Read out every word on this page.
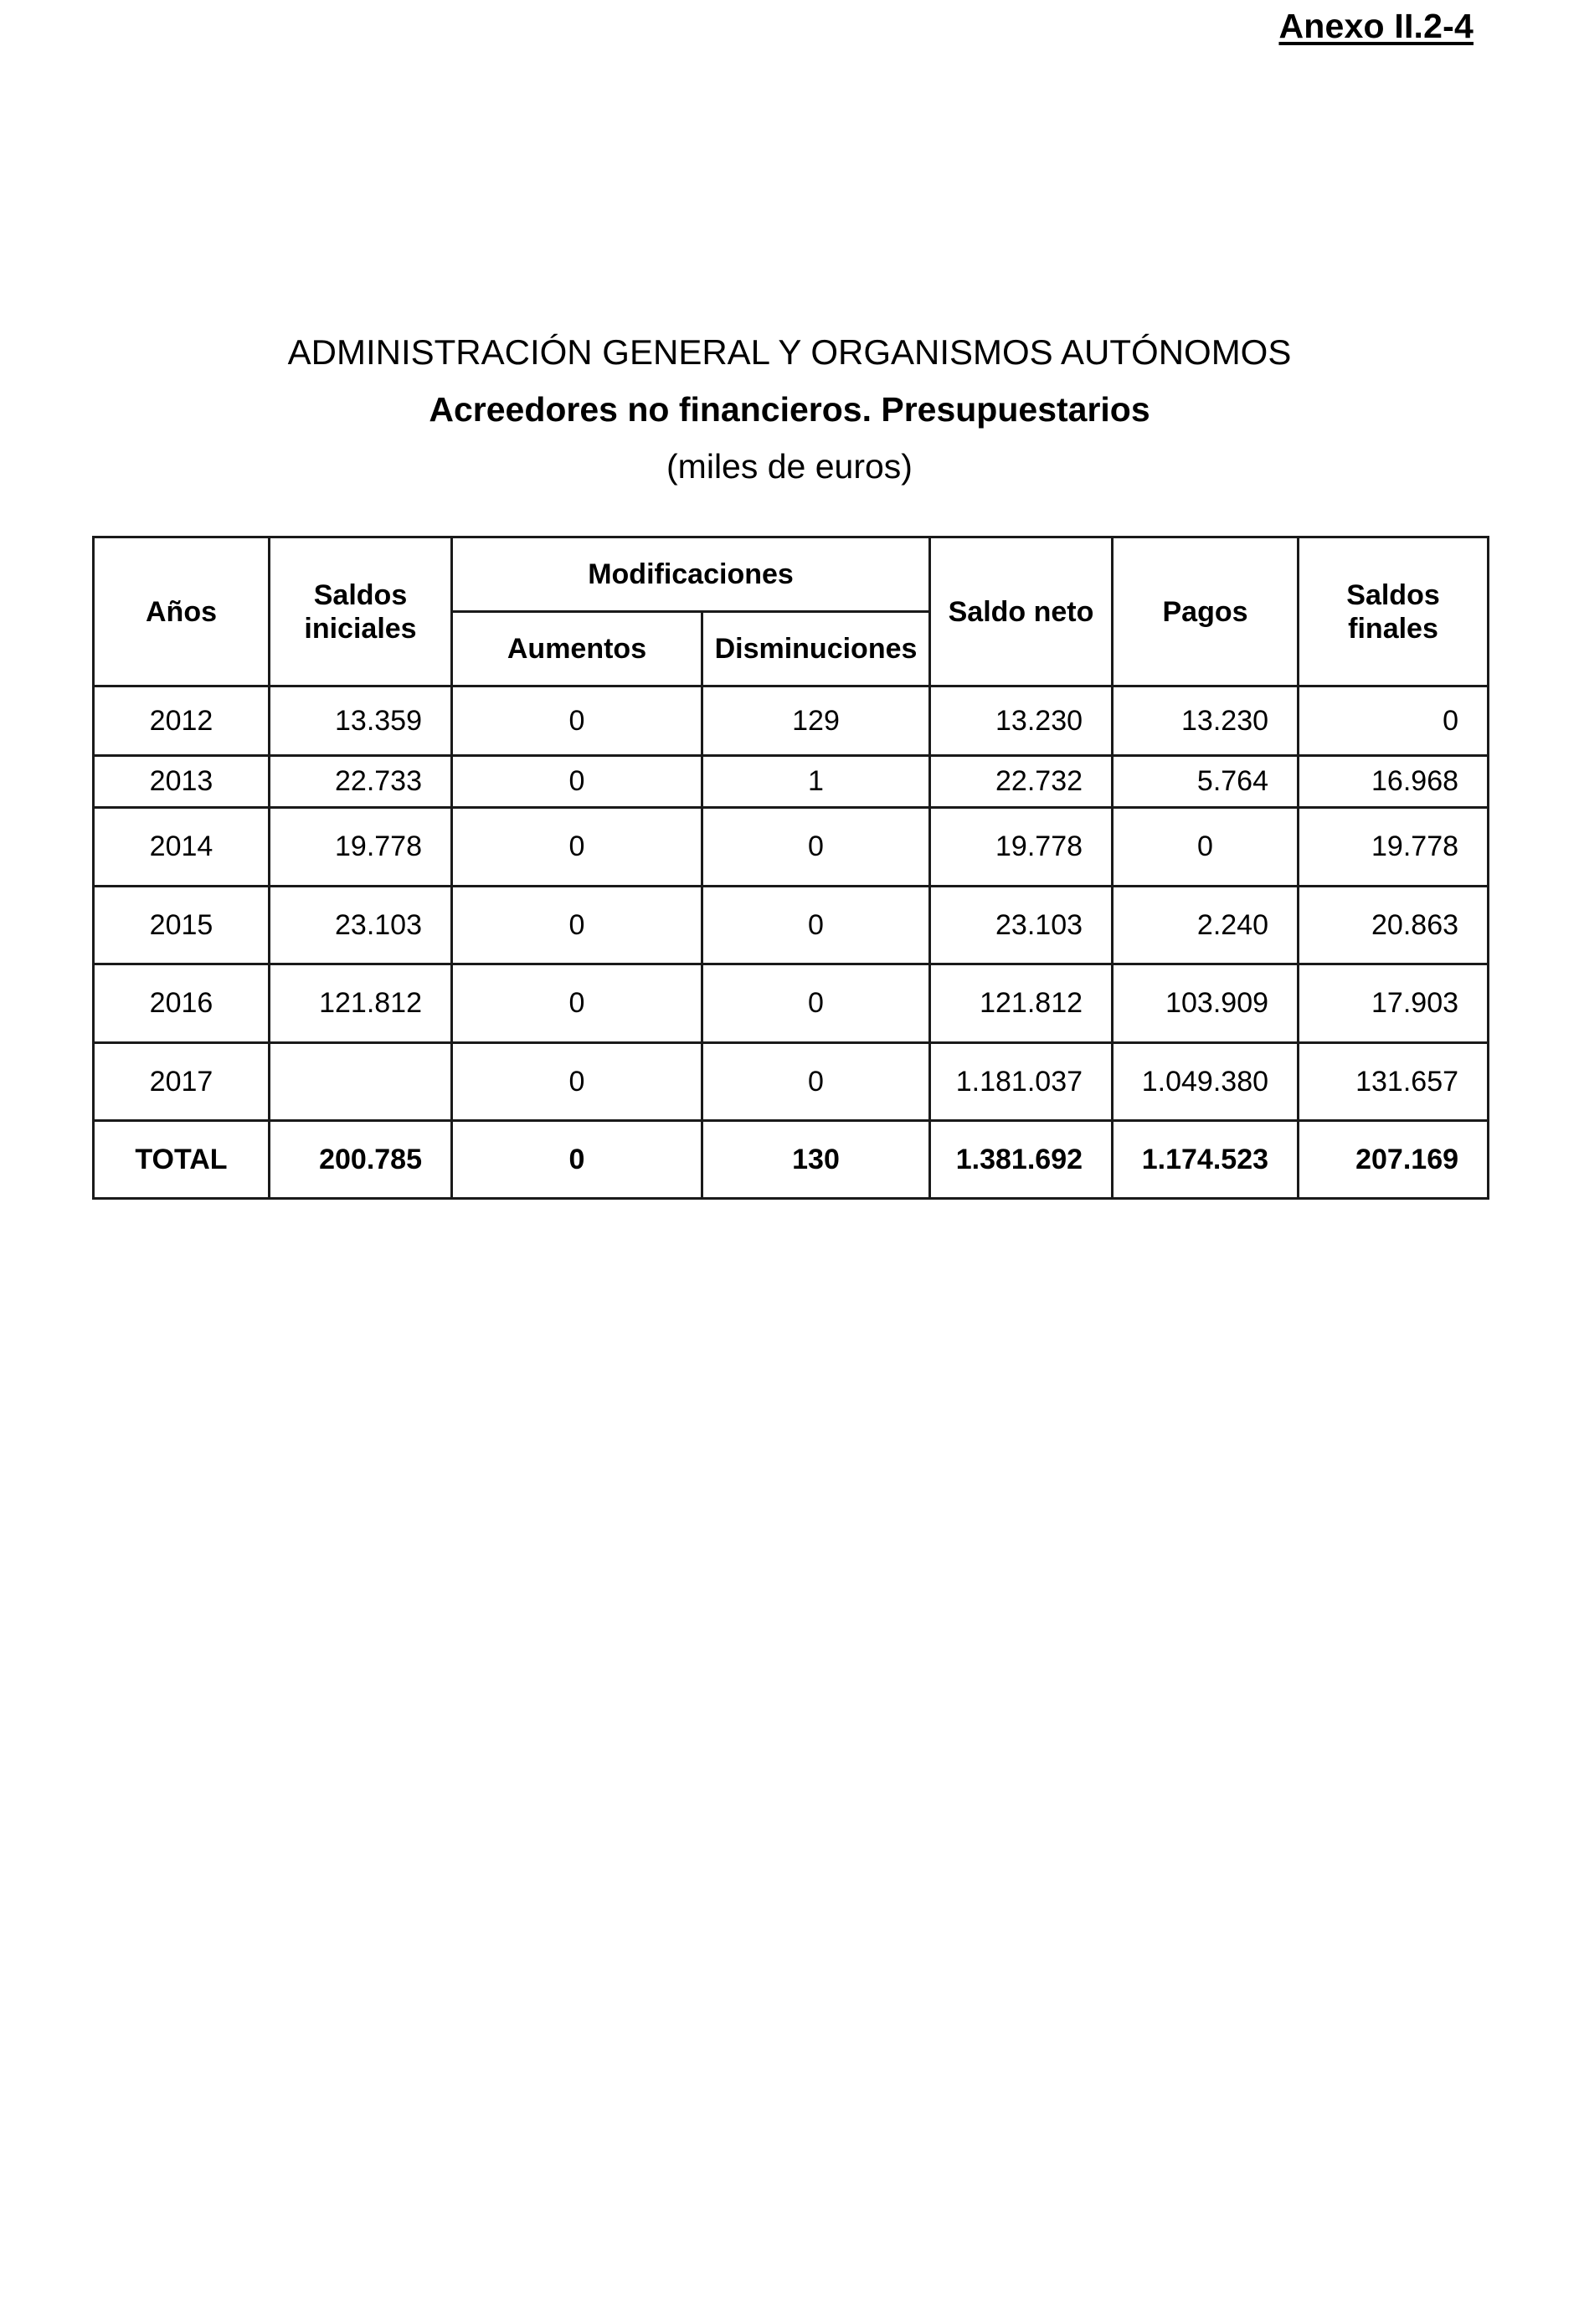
Anexo II.2-4
ADMINISTRACIÓN GENERAL Y ORGANISMOS AUTÓNOMOS
Acreedores no financieros. Presupuestarios
(miles de euros)
Años	Saldos iniciales	Modificaciones		Saldo neto	Pagos	Saldos finales
		Aumentos	Disminuciones			
2012	13.359	0	129	13.230	13.230	0
2013	22.733	0	1	22.732	5.764	16.968
2014	19.778	0	0	19.778	0	19.778
2015	23.103	0	0	23.103	2.240	20.863
2016	121.812	0	0	121.812	103.909	17.903
2017		0	0	1.181.037	1.049.380	131.657
TOTAL	200.785	0	130	1.381.692	1.174.523	207.169
